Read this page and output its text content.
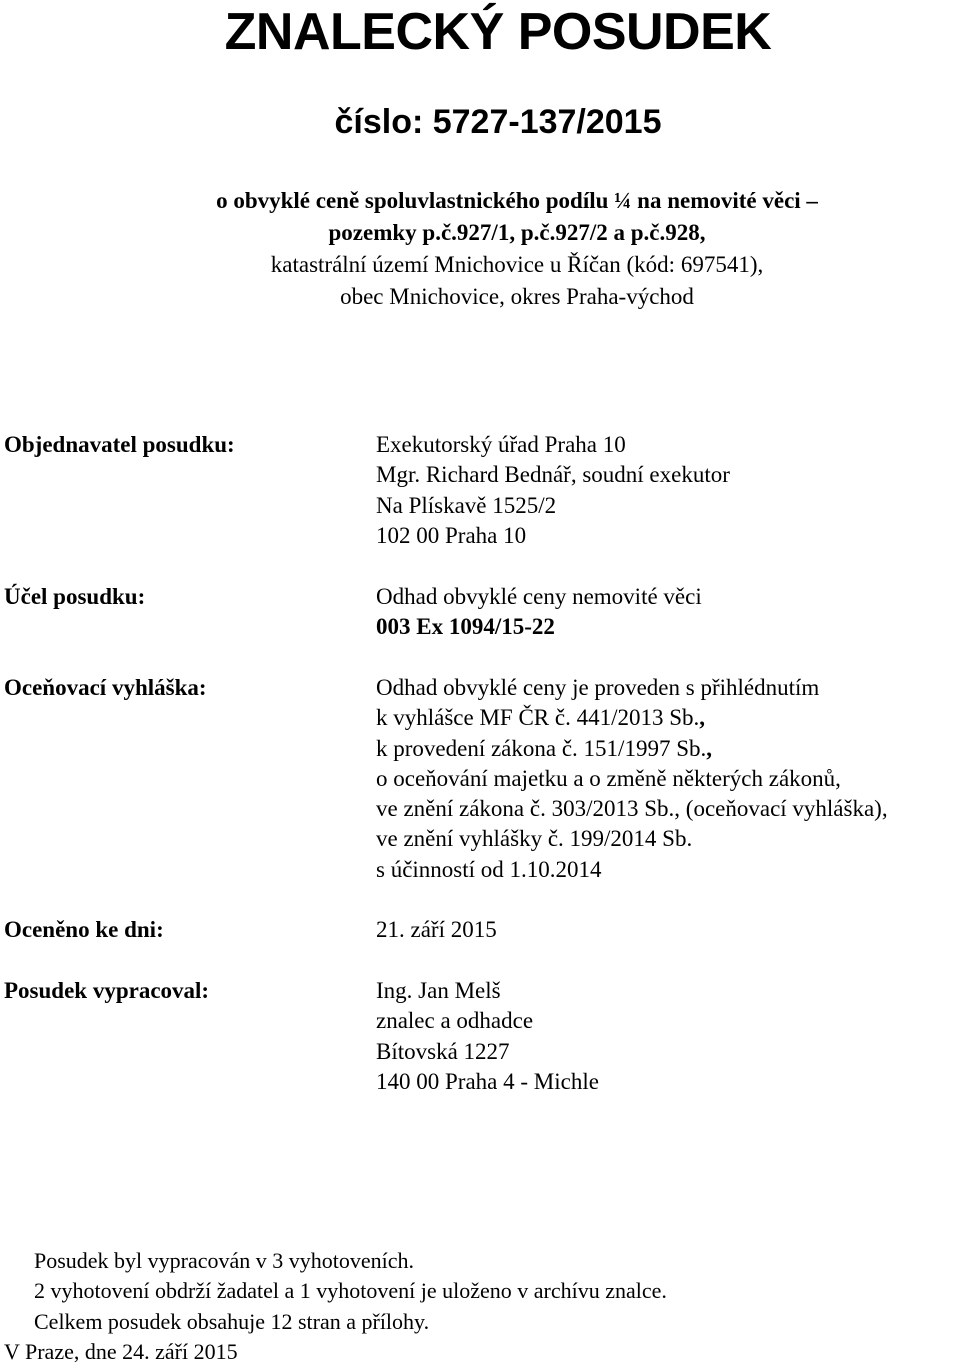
ZNALECKÝ POSUDEK
číslo: 5727-137/2015
o obvyklé ceně spoluvlastnického podílu ¼ na nemovité věci –
pozemky p.č.927/1, p.č.927/2 a p.č.928,
katastrální území Mnichovice u Říčan (kód: 697541),
obec Mnichovice, okres Praha-východ
Objednavatel posudku:	Exekutorský úřad Praha 10
Mgr. Richard Bednář, soudní exekutor
Na Plískavě 1525/2
102 00 Praha 10
Účel posudku:	Odhad obvyklé ceny nemovité věci
003 Ex 1094/15-22
Oceňovací vyhláška:	Odhad obvyklé ceny je proveden s přihlédnutím
k vyhlášce MF ČR č. 441/2013 Sb.,
k provedení zákona č. 151/1997 Sb.,
o oceňování majetku a o změně některých zákonů,
ve znění zákona č. 303/2013 Sb., (oceňovací vyhláška),
ve znění vyhlášky č. 199/2014 Sb.
s účinností od 1.10.2014
Oceněno ke dni:	21. září 2015
Posudek vypracoval:	Ing. Jan Melš
znalec a odhadce
Bítovská 1227
140 00 Praha 4 - Michle
Posudek byl vypracován v 3 vyhotoveních.
2 vyhotovení obdrží žadatel a 1 vyhotovení je uloženo v archívu znalce.
Celkem posudek obsahuje 12 stran a přílohy.
V Praze, dne 24. září 2015
